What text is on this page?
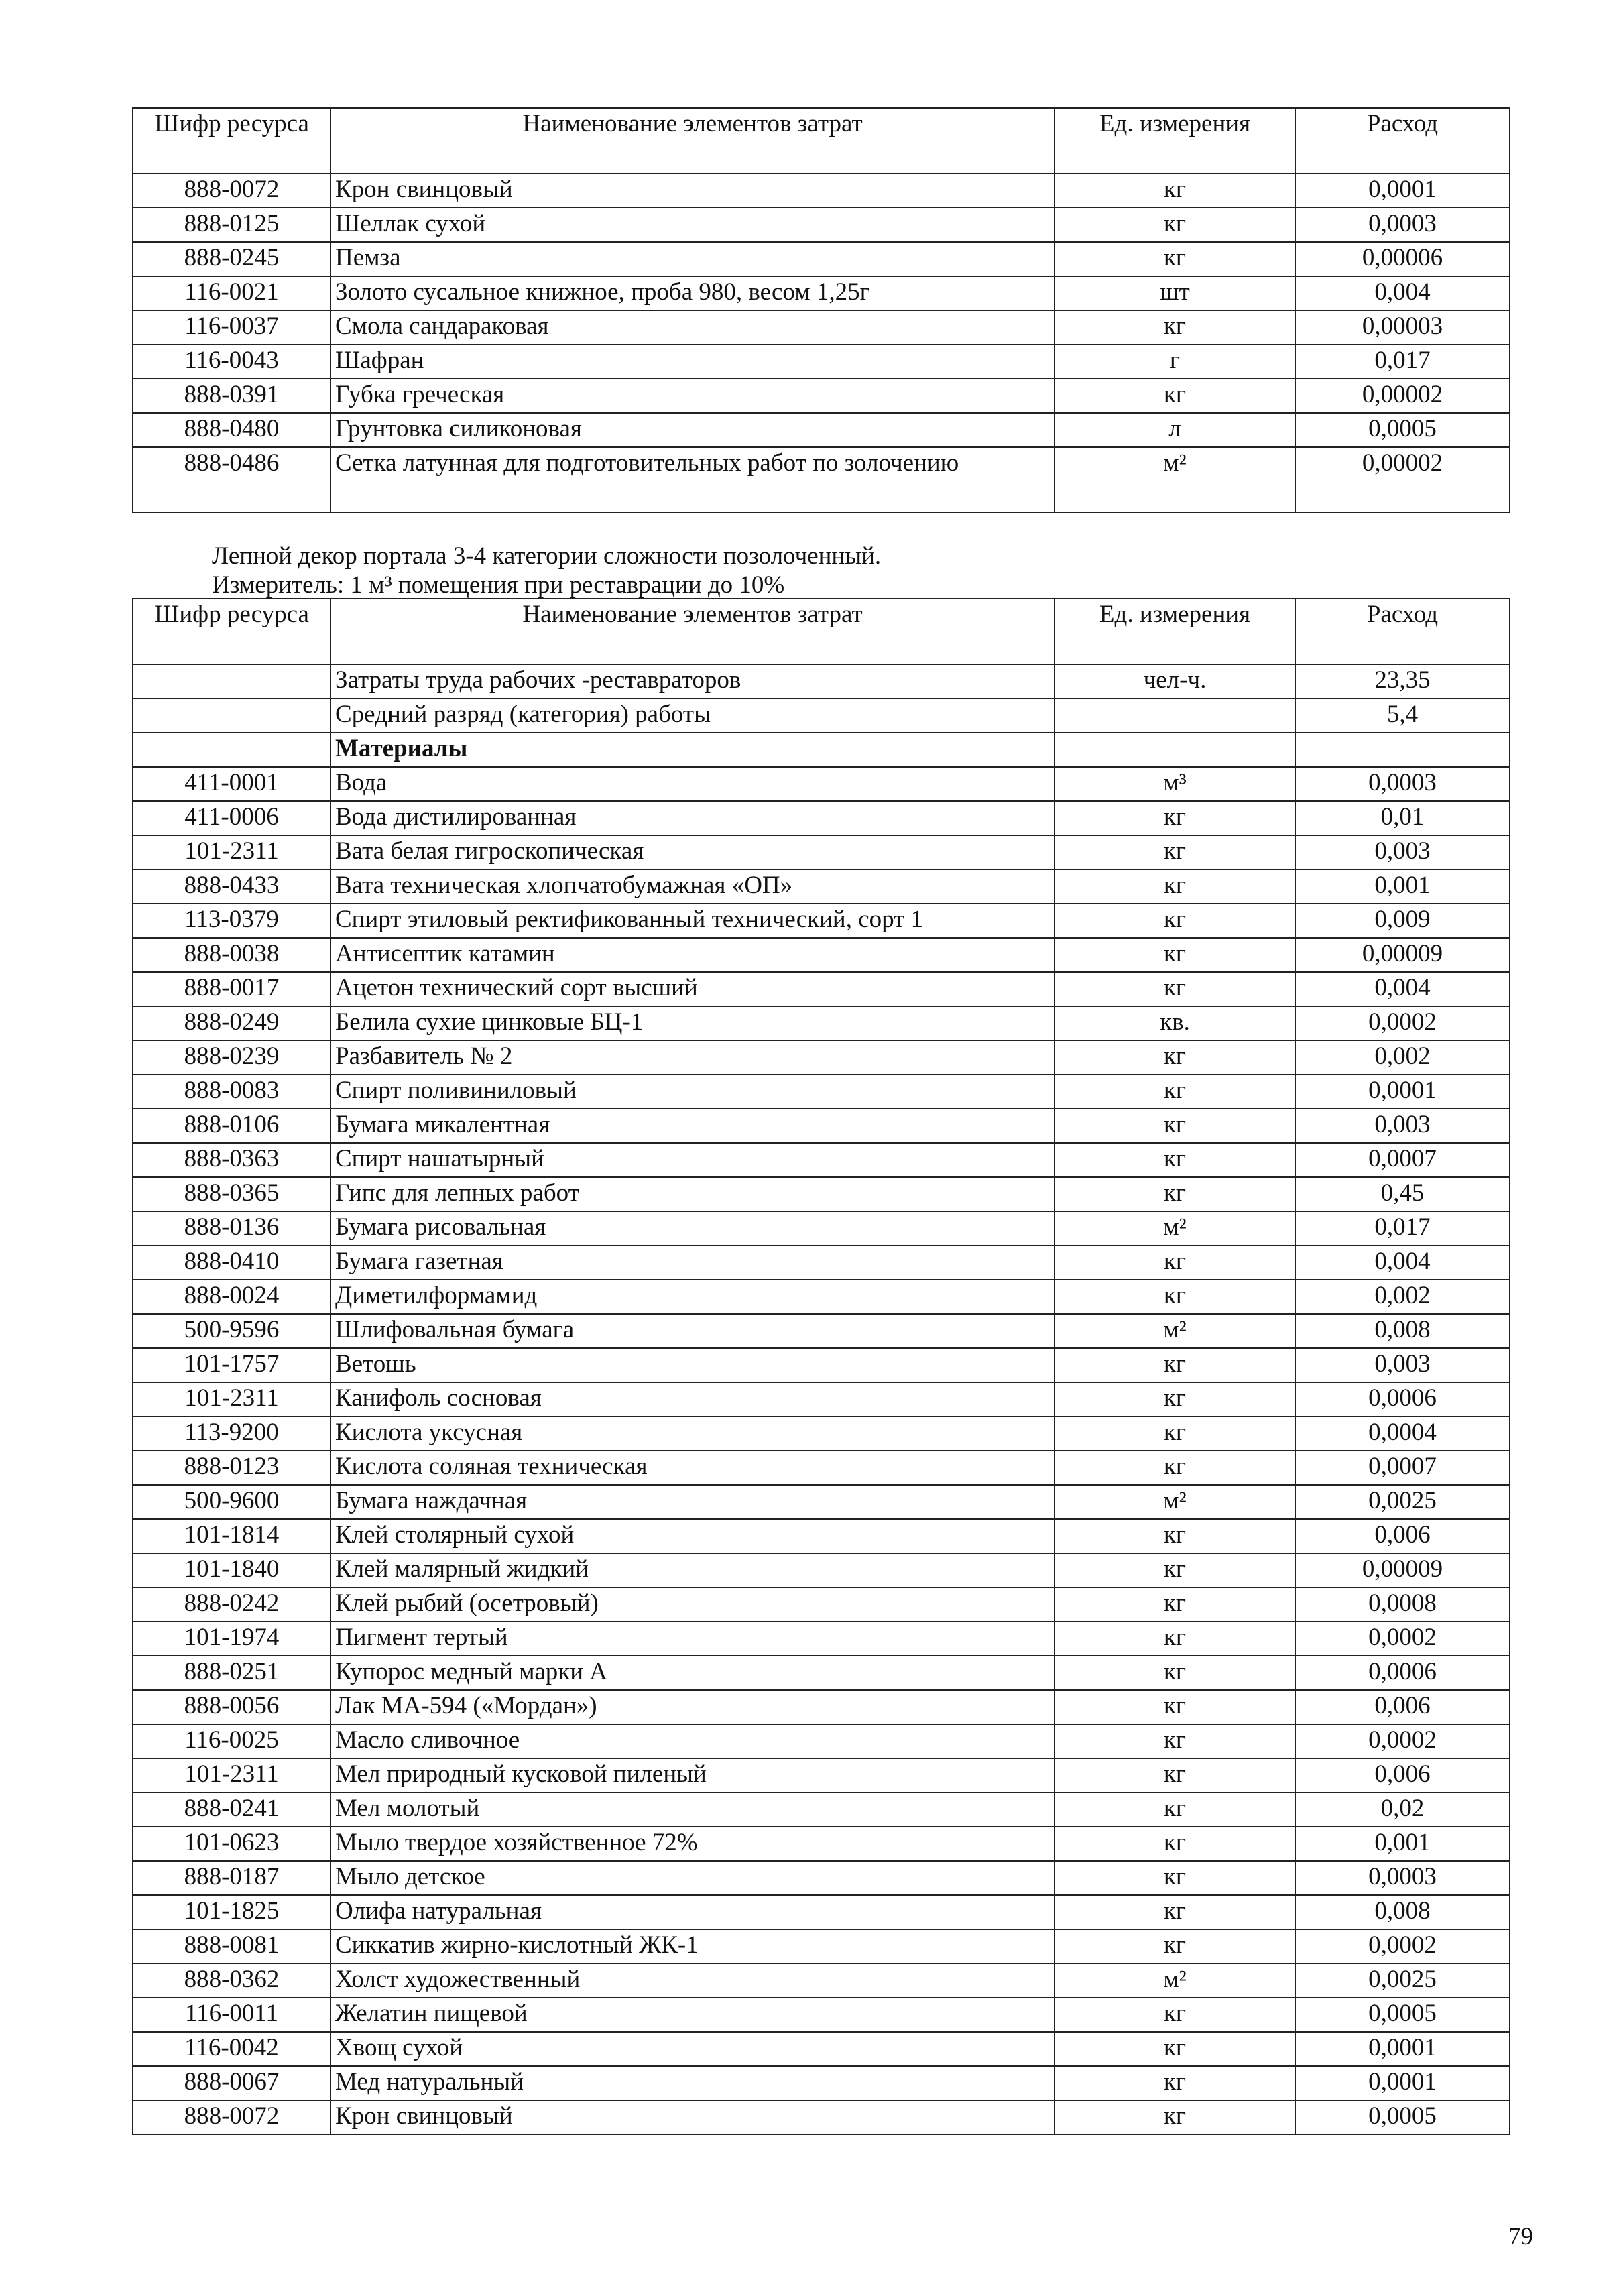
Шифр ресурса	Наименование элементов затрат	Ед. измерения	Расход
888-0072	Крон свинцовый	кг	0,0001
888-0125	Шеллак сухой	кг	0,0003
888-0245	Пемза	кг	0,00006
116-0021	Золото сусальное книжное, проба 980, весом 1,25г	шт	0,004
116-0037	Смола сандараковая	кг	0,00003
116-0043	Шафран	г	0,017
888-0391	Губка греческая	кг	0,00002
888-0480	Грунтовка силиконовая	л	0,0005
888-0486	Сетка латунная для подготовительных работ по золочению	м²	0,00002
Лепной декор портала 3-4 категории сложности позолоченный.
Измеритель: 1 м³ помещения при реставрации до 10%
Шифр ресурса	Наименование элементов затрат	Ед. измерения	Расход
	Затраты труда рабочих -реставраторов	чел-ч.	23,35
	Средний разряд (категория) работы		5,4
	Материалы		
411-0001	Вода	м³	0,0003
411-0006	Вода дистилированная	кг	0,01
101-2311	Вата белая гигроскопическая	кг	0,003
888-0433	Вата техническая хлопчатобумажная «ОП»	кг	0,001
113-0379	Спирт этиловый ректификованный технический, сорт 1	кг	0,009
888-0038	Антисептик катамин	кг	0,00009
888-0017	Ацетон технический сорт высший	кг	0,004
888-0249	Белила сухие цинковые БЦ-1	кв.	0,0002
888-0239	Разбавитель № 2	кг	0,002
888-0083	Спирт поливиниловый	кг	0,0001
888-0106	Бумага микалентная	кг	0,003
888-0363	Спирт нашатырный	кг	0,0007
888-0365	Гипс для лепных работ	кг	0,45
888-0136	Бумага рисовальная	м²	0,017
888-0410	Бумага газетная	кг	0,004
888-0024	Диметилформамид	кг	0,002
500-9596	Шлифовальная бумага	м²	0,008
101-1757	Ветошь	кг	0,003
101-2311	Канифоль сосновая	кг	0,0006
113-9200	Кислота уксусная	кг	0,0004
888-0123	Кислота соляная техническая	кг	0,0007
500-9600	Бумага наждачная	м²	0,0025
101-1814	Клей столярный сухой	кг	0,006
101-1840	Клей малярный жидкий	кг	0,00009
888-0242	Клей рыбий (осетровый)	кг	0,0008
101-1974	Пигмент тертый	кг	0,0002
888-0251	Купорос медный марки А	кг	0,0006
888-0056	Лак МА-594 («Мордан»)	кг	0,006
116-0025	Масло сливочное	кг	0,0002
101-2311	Мел природный кусковой пиленый	кг	0,006
888-0241	Мел молотый	кг	0,02
101-0623	Мыло твердое хозяйственное 72%	кг	0,001
888-0187	Мыло детское	кг	0,0003
101-1825	Олифа натуральная	кг	0,008
888-0081	Сиккатив жирно-кислотный ЖК-1	кг	0,0002
888-0362	Холст художественный	м²	0,0025
116-0011	Желатин пищевой	кг	0,0005
116-0042	Хвощ сухой	кг	0,0001
888-0067	Мед натуральный	кг	0,0001
888-0072	Крон свинцовый	кг	0,0005
79
